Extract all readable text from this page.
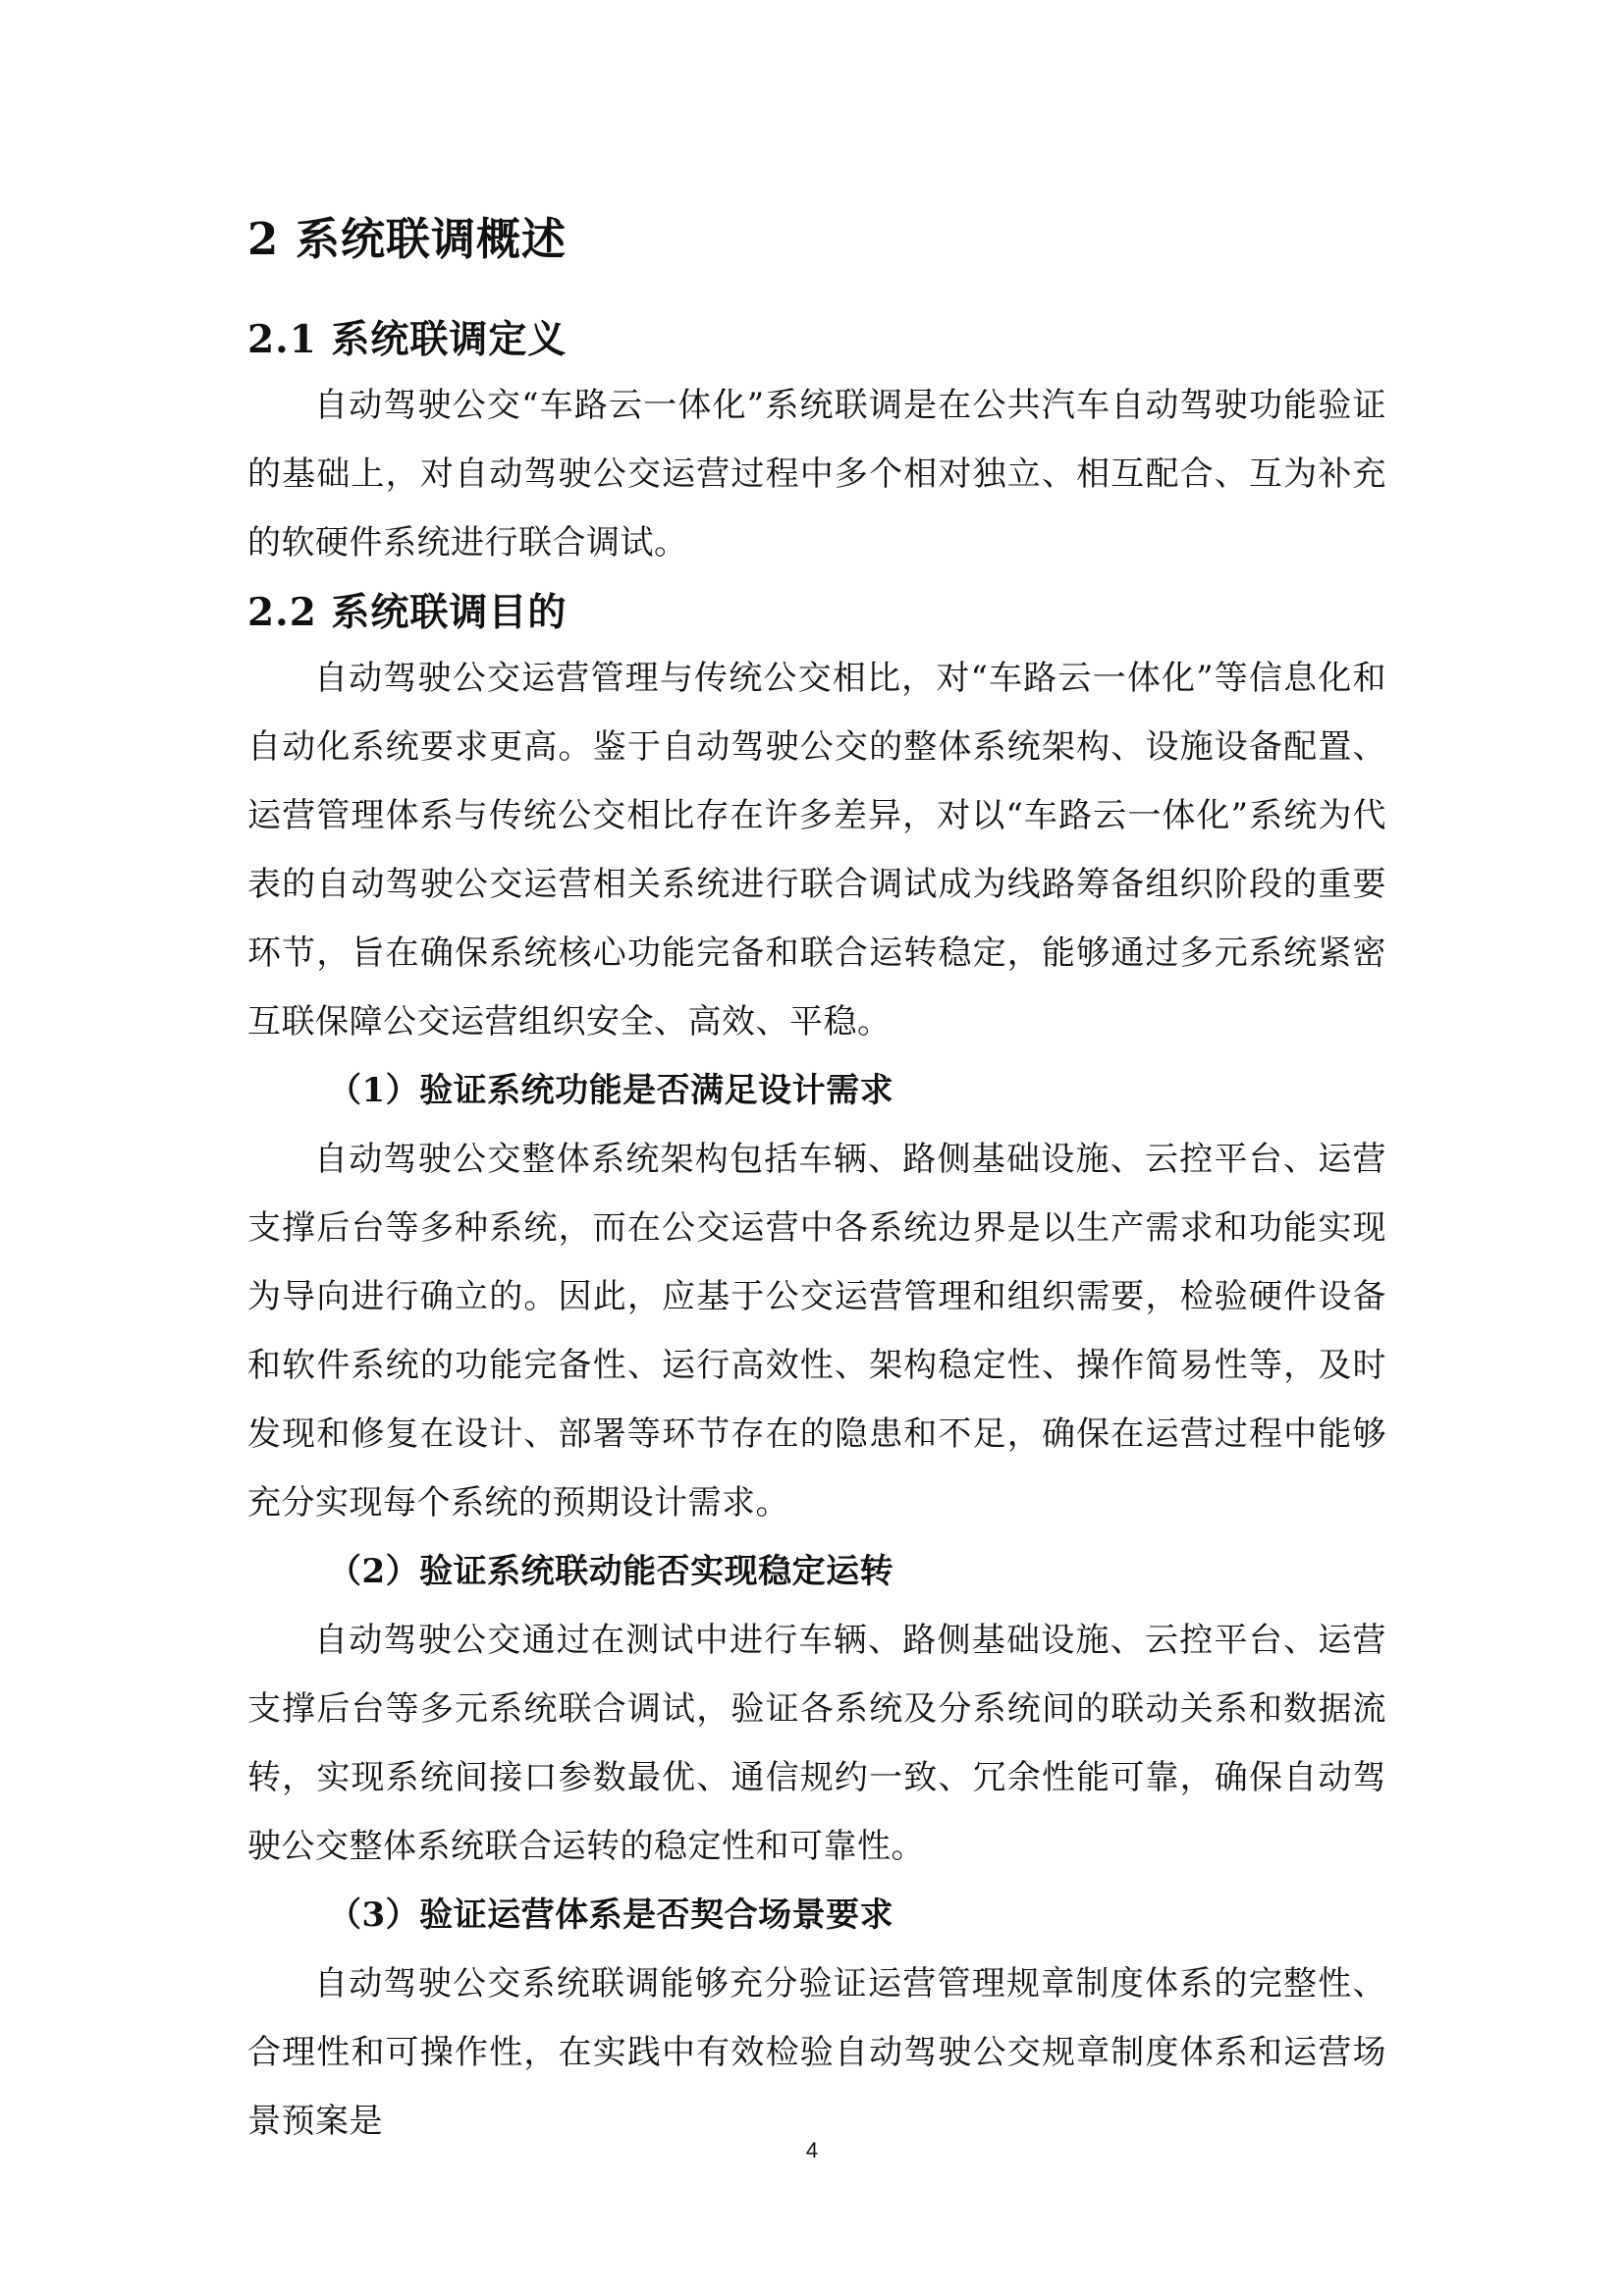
2 系统联调概述
2.1 系统联调定义

自动驾驶公交“车路云一体化”系统联调是在公共汽车自动驾驶功能验证的基础上，对自动驾驶公交运营过程中多个相对独立、相互配合、互为补充的软硬件系统进行联合调试。

2.2 系统联调目的

自动驾驶公交运营管理与传统公交相比，对“车路云一体化”等信息化和自动化系统要求更高。鉴于自动驾驶公交的整体系统架构、设施设备配置、运营管理体系与传统公交相比存在许多差异，对以“车路云一体化”系统为代表的自动驾驶公交运营相关系统进行联合调试成为线路筹备组织阶段的重要环节，旨在确保系统核心功能完备和联合运转稳定，能够通过多元系统紧密互联保障公交运营组织安全、高效、平稳。

（1）验证系统功能是否满足设计需求

自动驾驶公交整体系统架构包括车辆、路侧基础设施、云控平台、运营支撑后台等多种系统，而在公交运营中各系统边界是以生产需求和功能实现为导向进行确立的。因此，应基于公交运营管理和组织需要，检验硬件设备和软件系统的功能完备性、运行高效性、架构稳定性、操作简易性等，及时发现和修复在设计、部署等环节存在的隐患和不足，确保在运营过程中能够充分实现每个系统的预期设计需求。

（2）验证系统联动能否实现稳定运转

自动驾驶公交通过在测试中进行车辆、路侧基础设施、云控平台、运营支撑后台等多元系统联合调试，验证各系统及分系统间的联动关系和数据流转，实现系统间接口参数最优、通信规约一致、冗余性能可靠，确保自动驾驶公交整体系统联合运转的稳定性和可靠性。

（3）验证运营体系是否契合场景要求

自动驾驶公交系统联调能够充分验证运营管理规章制度体系的完整性、合理性和可操作性，在实践中有效检验自动驾驶公交规章制度体系和运营场景预案是

4
